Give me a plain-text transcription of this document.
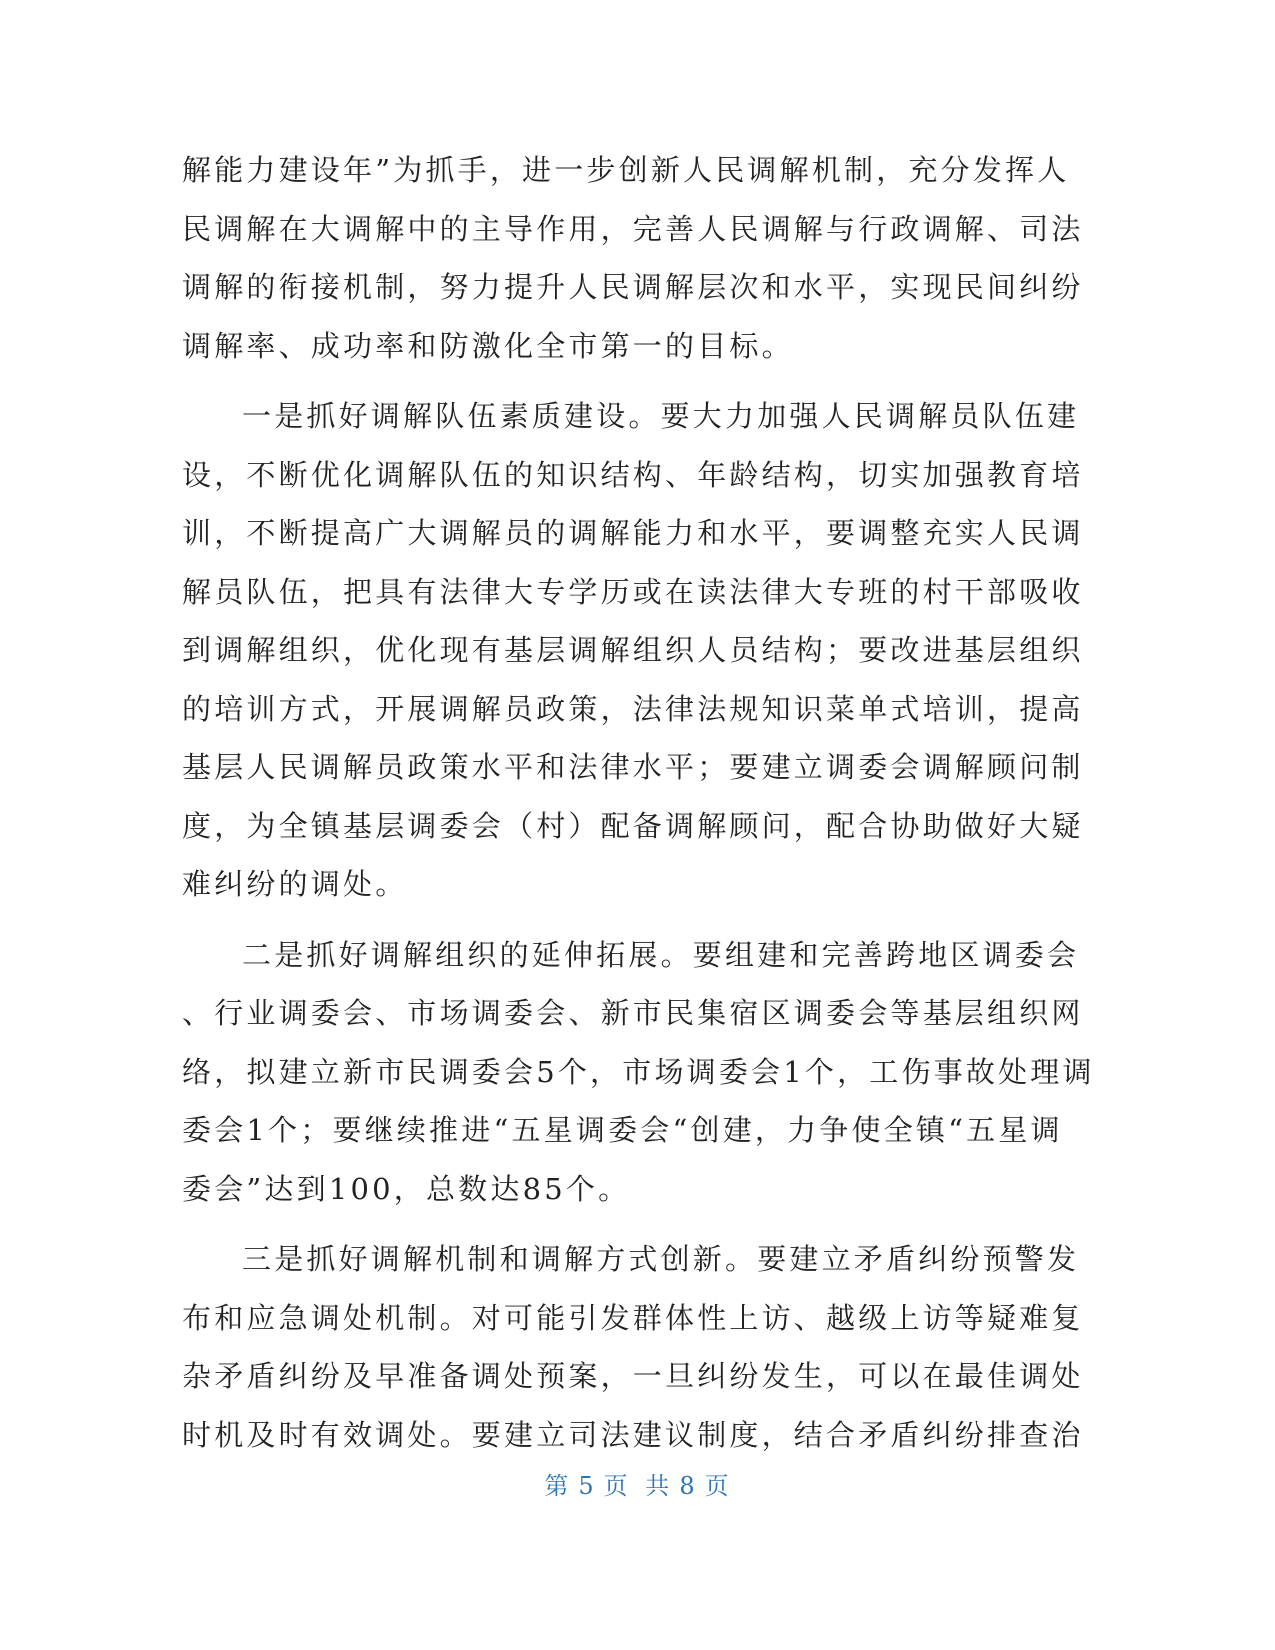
解能力建设年”为抓手，进一步创新人民调解机制，充分发挥人
民调解在大调解中的主导作用，完善人民调解与行政调解、司法
调解的衔接机制，努力提升人民调解层次和水平，实现民间纠纷
调解率、成功率和防激化全市第一的目标。
一是抓好调解队伍素质建设。要大力加强人民调解员队伍建
设，不断优化调解队伍的知识结构、年龄结构，切实加强教育培
训，不断提高广大调解员的调解能力和水平，要调整充实人民调
解员队伍，把具有法律大专学历或在读法律大专班的村干部吸收
到调解组织，优化现有基层调解组织人员结构；要改进基层组织
的培训方式，开展调解员政策，法律法规知识菜单式培训，提高
基层人民调解员政策水平和法律水平；要建立调委会调解顾问制
度，为全镇基层调委会（村）配备调解顾问，配合协助做好大疑
难纠纷的调处。
二是抓好调解组织的延伸拓展。要组建和完善跨地区调委会
、行业调委会、市场调委会、新市民集宿区调委会等基层组织网
络，拟建立新市民调委会5个，市场调委会1个，工伤事故处理调
委会1个；要继续推进“五星调委会“创建，力争使全镇“五星调
委会”达到100，总数达85个。
三是抓好调解机制和调解方式创新。要建立矛盾纠纷预警发
布和应急调处机制。对可能引发群体性上访、越级上访等疑难复
杂矛盾纠纷及早准备调处预案，一旦纠纷发生，可以在最佳调处
时机及时有效调处。要建立司法建议制度，结合矛盾纠纷排查治
第 5 页 共 8 页
